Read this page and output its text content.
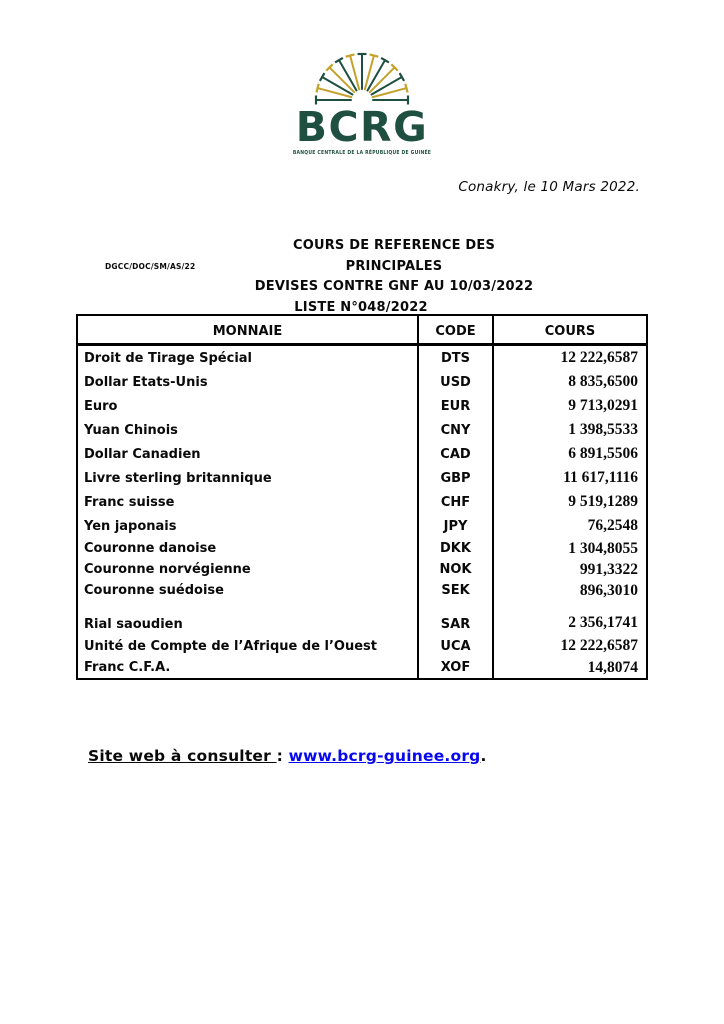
BCRG
BANQUE CENTRALE DE LA RÉPUBLIQUE DE GUINÉE
Conakry, le 10 Mars 2022.
DGCC/DOC/SM/AS/22
COURS DE REFERENCE DES PRINCIPALES
DEVISES CONTRE GNF AU 10/03/2022
LISTE N°048/2022
MONNAIE	CODE	COURS
Droit de Tirage Spécial	DTS	12 222,6587
Dollar Etats-Unis	USD	8 835,6500
Euro	EUR	9 713,0291
Yuan Chinois	CNY	1 398,5533
Dollar Canadien	CAD	6 891,5506
Livre sterling britannique	GBP	11 617,1116
Franc suisse	CHF	9 519,1289
Yen japonais	JPY	76,2548
Couronne danoise	DKK	1 304,8055
Couronne norvégienne	NOK	991,3322
Couronne suédoise	SEK	896,3010
Rial saoudien	SAR	2 356,1741
Unité de Compte de l’Afrique de l’Ouest	UCA	12 222,6587
Franc C.F.A.	XOF	14,8074
Site web à consulter : www.bcrg-guinee.org.
